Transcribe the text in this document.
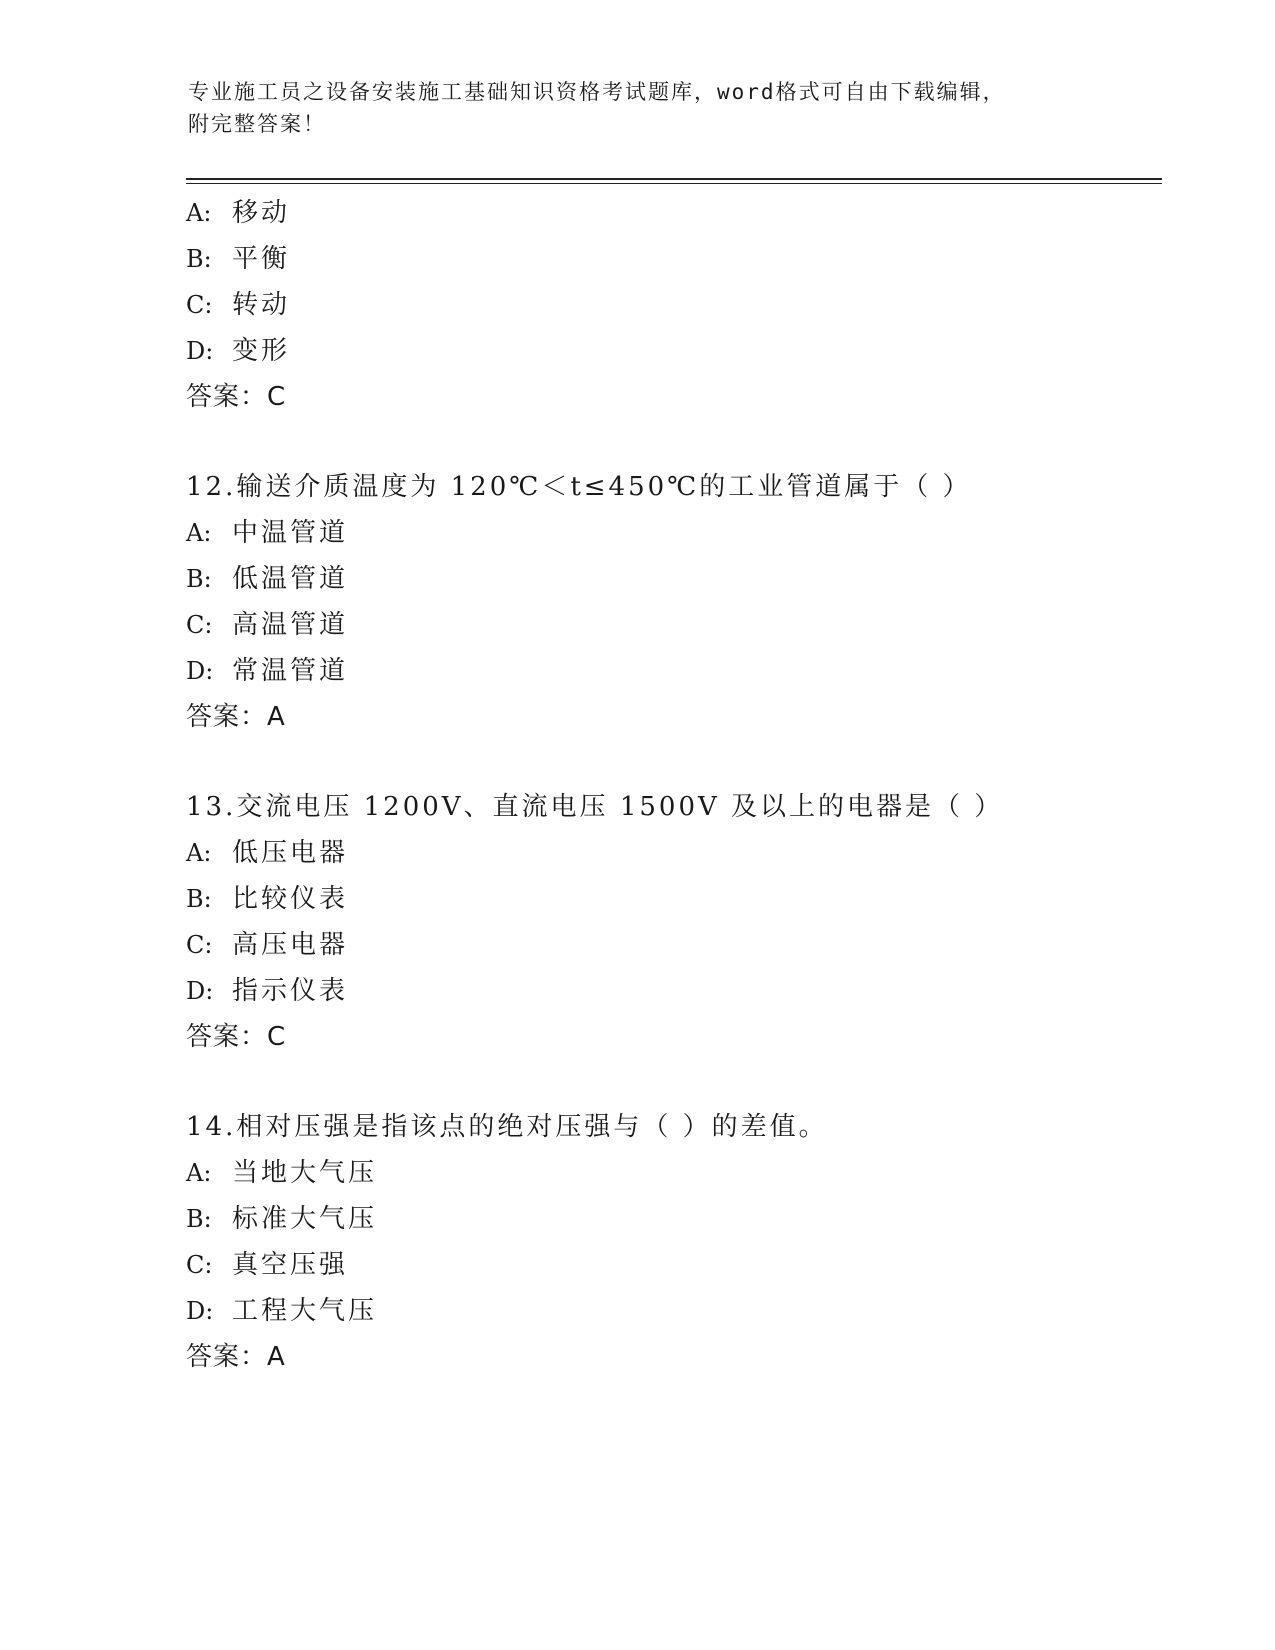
专业施工员之设备安装施工基础知识资格考试题库，word格式可自由下载编辑，
附完整答案！
A: 移动
B: 平衡
C: 转动
D: 变形
答案：C
12.输送介质温度为 120℃＜t≤450℃的工业管道属于（ ）
A: 中温管道
B: 低温管道
C: 高温管道
D: 常温管道
答案：A
13.交流电压 1200V、直流电压 1500V 及以上的电器是（ ）
A: 低压电器
B: 比较仪表
C: 高压电器
D: 指示仪表
答案：C
14.相对压强是指该点的绝对压强与（ ）的差值。
A: 当地大气压
B: 标准大气压
C: 真空压强
D: 工程大气压
答案：A
